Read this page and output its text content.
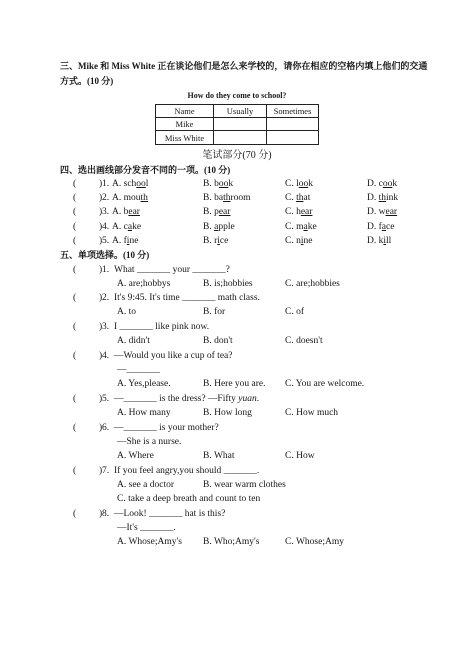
三、Mike 和 Miss White 正在谈论他们是怎么来学校的，请你在相应的空格内填上他们的交通
方式。(10 分)
How do they come to school?
Name	Usually	Sometimes
Mike		
Miss White		
笔试部分(70 分)
四、选出画线部分发音不同的一项。(10 分)
( ) 1. A. school	B. book	C. look	D. cook
( ) 2. A. mouth	B. bathroom	C. that	D. think
( ) 3. A. bear	B. pear	C. hear	D. wear
( ) 4. A. cake	B. apple	C. make	D. face
( ) 5. A. fine	B. rice	C. nine	D. kill
五、单项选择。(10 分)
( ) 1. What _______ your _______?
A. are;hobbys	B. is;hobbies	C. are;hobbies
( ) 2. It's 9:45. It's time _______ math class.
A. to	B. for	C. of
( ) 3. I _______ like pink now.
A. didn't	B. don't	C. doesn't
( ) 4. —Would you like a cup of tea?
—_______
A. Yes,please.	B. Here you are. C. You are welcome.
( ) 5. —_______ is the dress? —Fifty yuan.
A. How many	B. How long	C. How much
( ) 6. —_______ is your mother?
—She is a nurse.
A. Where	B. What	C. How
( ) 7. If you feel angry,you should _______.
A. see a doctor	B. wear warm clothes
C. take a deep breath and count to ten
( ) 8. —Look! _______ hat is this?
—It's _______.
A. Whose;Amy's B. Who;Amy's	C. Whose;Amy
